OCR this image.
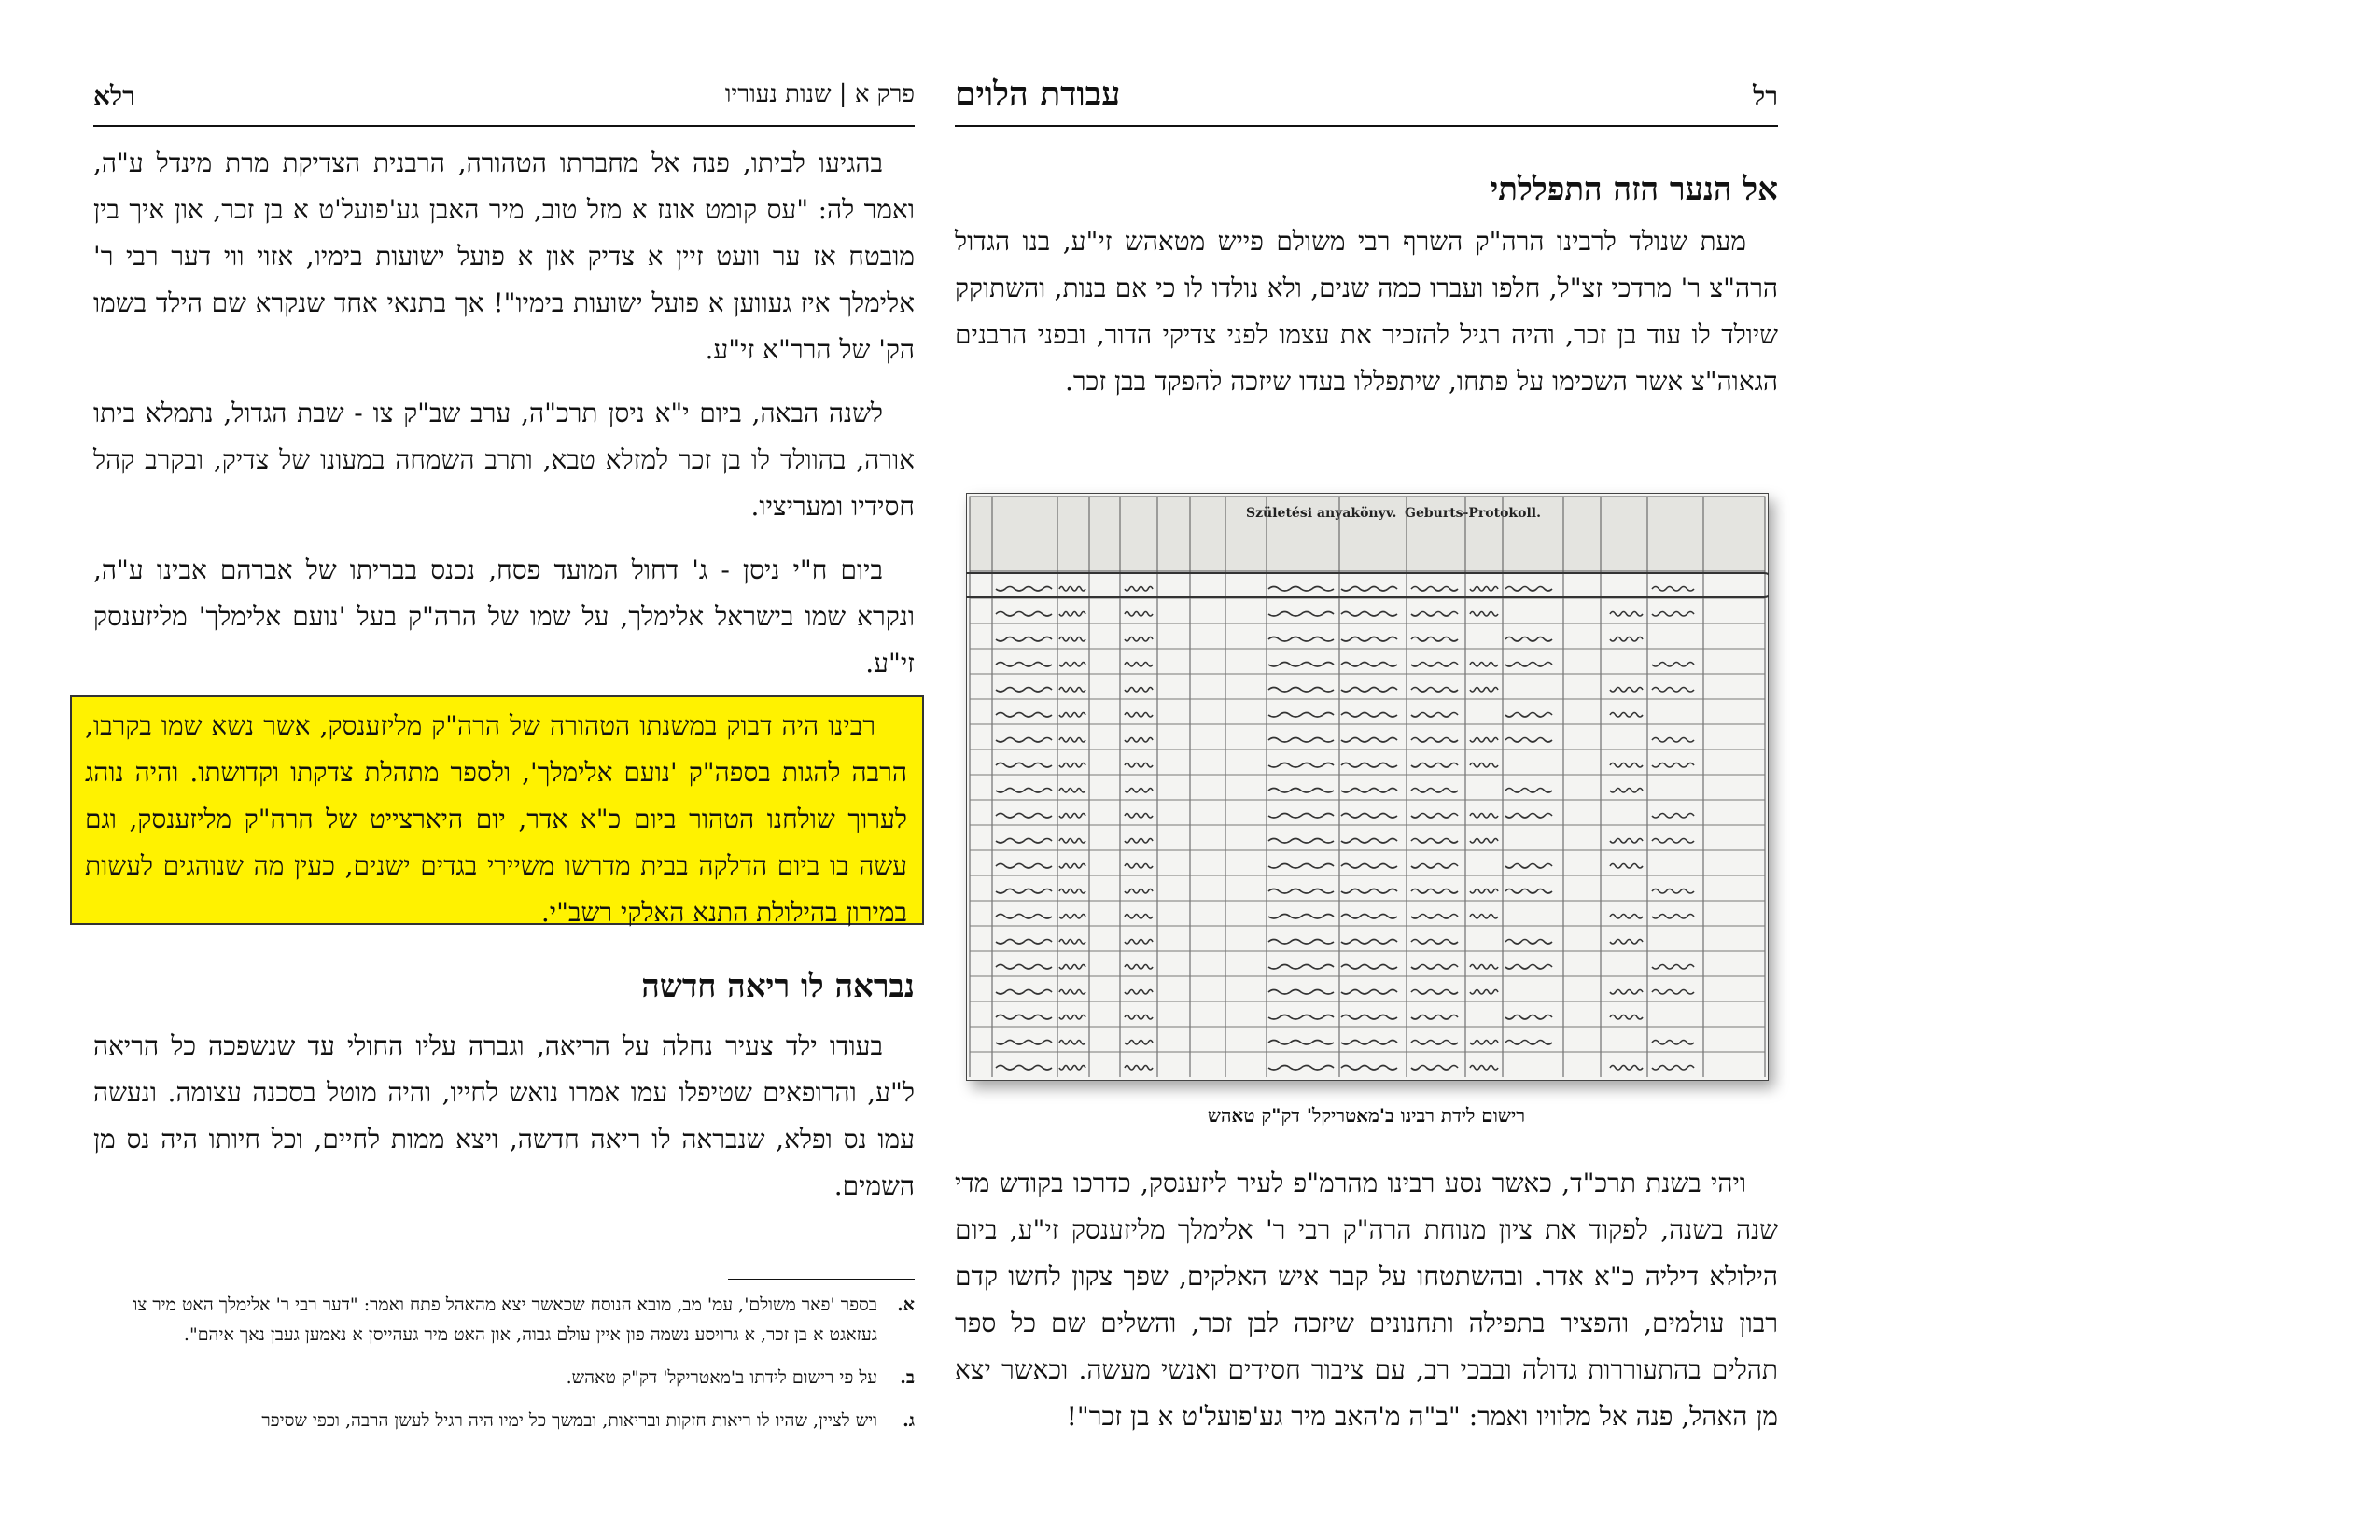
פרק א | שנות נעוריו
רלא

בהגיעו לביתו, פנה אל מחברתו הטהורה, הרבנית הצדיקת מרת מינדל ע"ה, ואמר לה: "עס קומט אונז א מזל טוב, מיר האבן גע'פועל'ט א בן זכר, און איך בין מובטח אז ער וועט זיין א צדיק און א פועל ישועות בימיו, אזוי ווי דער רבי ר' אלימלך איז געווען א פועל ישועות בימיו"! אך בתנאי אחד שנקרא שם הילד בשמו הק' של הרר"א זי"ע.

לשנה הבאה, ביום י"א ניסן תרכ"ה, ערב שב"ק צו - שבת הגדול, נתמלא ביתו אורה, בהוולד לו בן זכר למזלא טבא, ותרב השמחה במעונו של צדיק, ובקרב קהל חסידיו ומעריציו.

ביום ח"י ניסן - ג' דחול המועד פסח, נכנס בבריתו של אברהם אבינו ע"ה, ונקרא שמו בישראל אלימלך, על שמו של הרה"ק בעל 'נועם אלימלך' מליזענסק זי"ע.

רבינו היה דבוק במשנתו הטהורה של הרה"ק מליזענסק, אשר נשא שמו בקרבו, הרבה להגות בספה"ק 'נועם אלימלך', ולספר מתהלת צדקתו וקדושתו. והיה נוהג לערוך שולחנו הטהור ביום כ"א אדר, יום היארצייט של הרה"ק מליזענסק, וגם עשה בו ביום הדלקה בבית מדרשו משיירי בגדים ישנים, כעין מה שנוהגים לעשות במירון בהילולת התנא האלקי רשב"י.

נבראה לו ריאה חדשה

בעודו ילד צעיר נחלה על הריאה, וגברה עליו החולי עד שנשפכה כל הריאה ל"ע, והרופאים שטיפלו עמו אמרו נואש לחייו, והיה מוטל בסכנה עצומה. ונעשה עמו נס ופלא, שנבראה לו ריאה חדשה, ויצא ממות לחיים, וכל חיותו היה נס מן השמים.

א.
בספר 'פאר משולם', עמ' מב, מובא הנוסח שכאשר יצא מהאהל פתח ואמר: "דער רבי ר' אלימלך האט מיר צו געזאגט א בן זכר, א גרויסע נשמה פון איין עולם גבוה, און האט מיר געהייסן א נאמען געבן נאך איהם".
ב.
על פי רישום לידתו ב'מאטריקל' דק"ק טאהש.
ג.
ויש לציין, שהיו לו ריאות חזקות ובריאות, ובמשך כל ימיו היה רגיל לעשן הרבה, וכפי שסיפר
רל
עבודת הלוים
אל הנער הזה התפללתי

מעת שנולד לרבינו הרה"ק השרף רבי משולם פייש מטאהש זי"ע, בנו הגדול הרה"צ ר' מרדכי זצ"ל, חלפו ועברו כמה שנים, ולא נולדו לו כי אם בנות, והשתוקק שיולד לו עוד בן זכר, והיה רגיל להזכיר את עצמו לפני צדיקי הדור, ובפני הרבנים הגאוה"צ אשר השכימו על פתחו, שיתפללו בעדו שיזכה להפקד בבן זכר.

Születési anyakönyv. Geburts-Protokoll.
רישום לידת רבינו ב'מאטריקל' דק"ק טאהש

ויהי בשנת תרכ"ד, כאשר נסע רבינו מהרמ"פ לעיר ליזענסק, כדרכו בקודש מדי שנה בשנה, לפקוד את ציון מנוחת הרה"ק רבי ר' אלימלך מליזענסק זי"ע, ביום הילולא דיליה כ"א אדר. ובהשתטחו על קבר איש האלקים, שפך צקון לחשו קדם רבון עולמים, והפציר בתפילה ותחנונים שיזכה לבן זכר, והשלים שם כל ספר תהלים בהתעוררות גדולה ובבכי רב, עם ציבור חסידים ואנשי מעשה. וכאשר יצא מן האהל, פנה אל מלוויו ואמר: "ב"ה מ'האב מיר גע'פועל'ט א בן זכר"!
